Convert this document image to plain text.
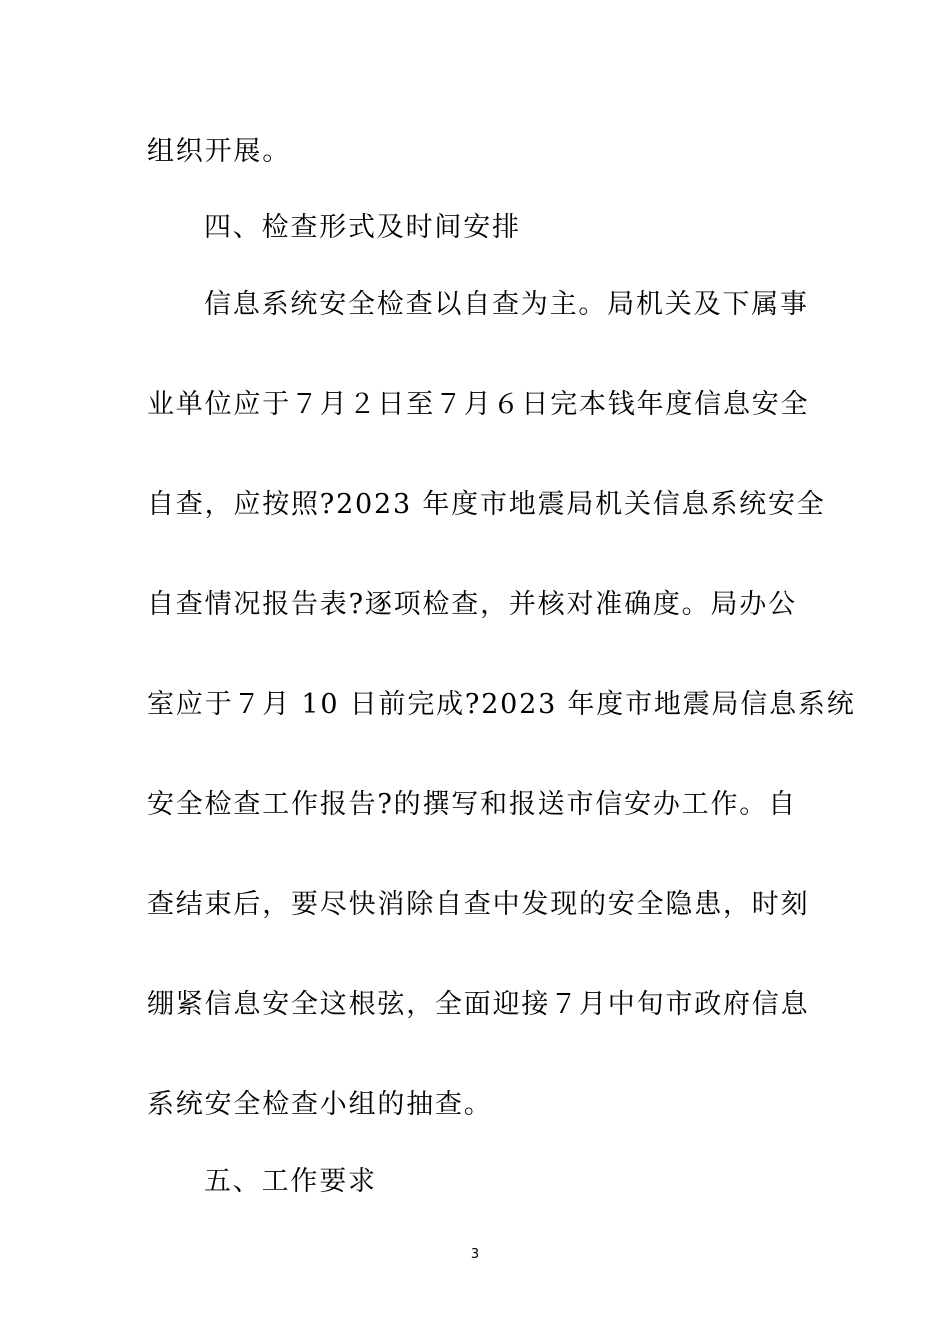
组织开展。
四、检查形式及时间安排
信息系统安全检查以自查为主。局机关及下属事
业单位应于７月２日至７月６日完本钱年度信息安全
自查，应按照?2023 年度市地震局机关信息系统安全
自查情况报告表?逐项检查，并核对准确度。局办公
室应于７月 10 日前完成?2023 年度市地震局信息系统
安全检查工作报告?的撰写和报送市信安办工作。自
查结束后，要尽快消除自查中发现的安全隐患，时刻
绷紧信息安全这根弦，全面迎接７月中旬市政府信息
系统安全检查小组的抽查。
五、工作要求
3
